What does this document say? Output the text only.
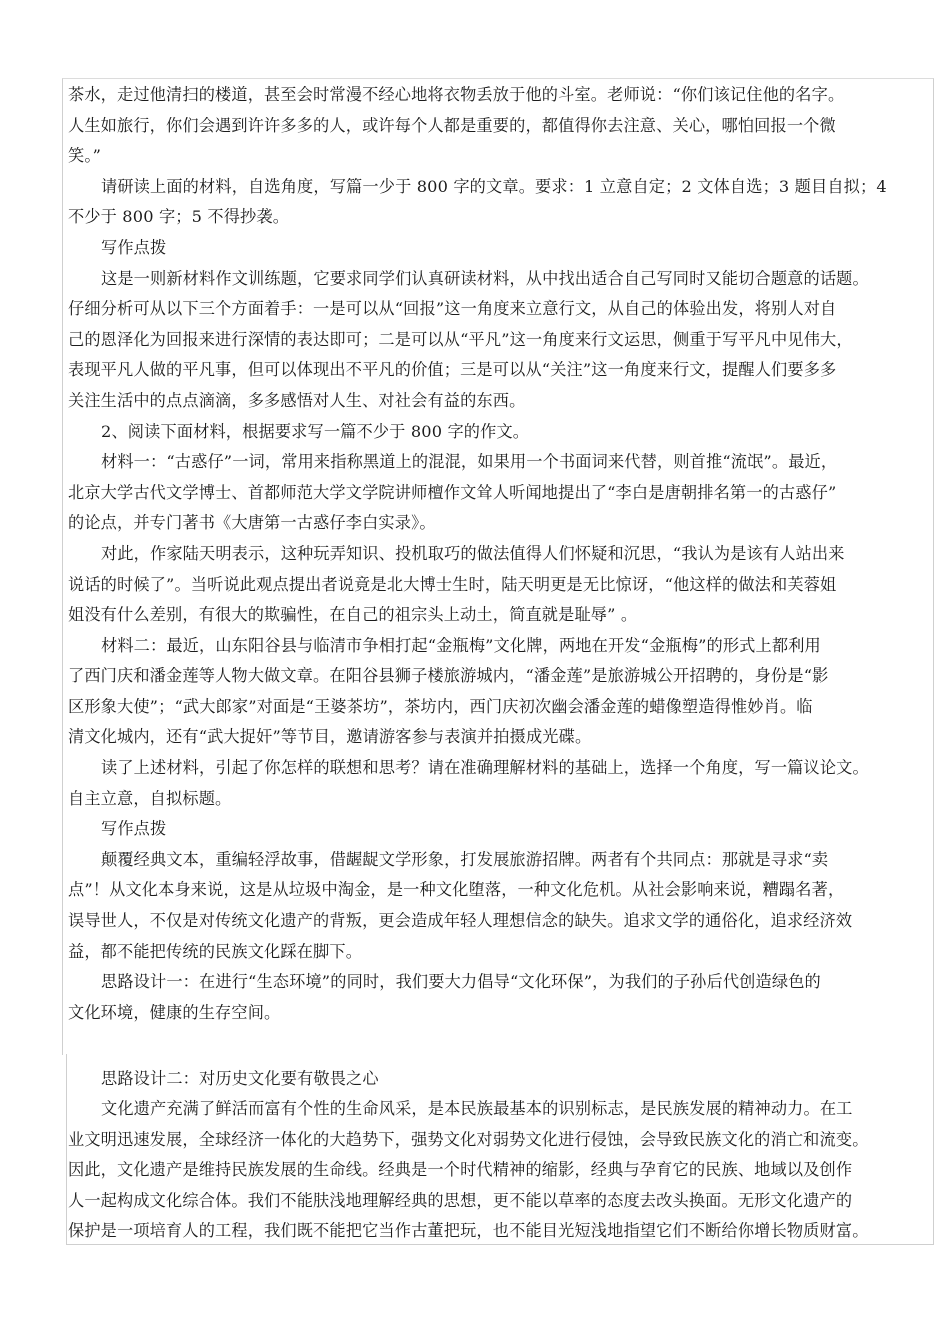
茶水，走过他清扫的楼道，甚至会时常漫不经心地将衣物丢放于他的斗室。老师说：“你们该记住他的名字。
人生如旅行，你们会遇到许许多多的人，或许每个人都是重要的，都值得你去注意、关心，哪怕回报一个微
笑。”
请研读上面的材料，自选角度，写篇一少于 800 字的文章。要求：1 立意自定；2 文体自选；3 题目自拟；4
不少于 800 字；5 不得抄袭。
写作点拨
这是一则新材料作文训练题，它要求同学们认真研读材料，从中找出适合自己写同时又能切合题意的话题。
仔细分析可从以下三个方面着手：一是可以从“回报”这一角度来立意行文，从自己的体验出发，将别人对自
己的恩泽化为回报来进行深情的表达即可；二是可以从“平凡”这一角度来行文运思，侧重于写平凡中见伟大，
表现平凡人做的平凡事，但可以体现出不平凡的价值；三是可以从“关注”这一角度来行文，提醒人们要多多
关注生活中的点点滴滴，多多感悟对人生、对社会有益的东西。
2、阅读下面材料，根据要求写一篇不少于 800 字的作文。
材料一：“古惑仔”一词，常用来指称黑道上的混混，如果用一个书面词来代替，则首推“流氓”。最近，
北京大学古代文学博士、首都师范大学文学院讲师檀作文耸人听闻地提出了“李白是唐朝排名第一的古惑仔”
的论点，并专门著书《大唐第一古惑仔李白实录》。
对此，作家陆天明表示，这种玩弄知识、投机取巧的做法值得人们怀疑和沉思，“我认为是该有人站出来
说话的时候了”。当听说此观点提出者说竟是北大博士生时，陆天明更是无比惊讶，“他这样的做法和芙蓉姐
姐没有什么差别，有很大的欺骗性，在自己的祖宗头上动土，简直就是耻辱” 。
材料二：最近，山东阳谷县与临清市争相打起“金瓶梅”文化牌，两地在开发“金瓶梅”的形式上都利用
了西门庆和潘金莲等人物大做文章。在阳谷县狮子楼旅游城内，“潘金莲”是旅游城公开招聘的，身份是“影
区形象大使”；“武大郎家”对面是“王婆茶坊”，茶坊内，西门庆初次幽会潘金莲的蜡像塑造得惟妙肖。临
清文化城内，还有“武大捉奸”等节目，邀请游客参与表演并拍摄成光碟。
读了上述材料，引起了你怎样的联想和思考？请在准确理解材料的基础上，选择一个角度，写一篇议论文。
自主立意，自拟标题。
写作点拨
颠覆经典文本，重编轻浮故事，借龌龊文学形象，打发展旅游招牌。两者有个共同点：那就是寻求“卖
点”！从文化本身来说，这是从垃圾中淘金，是一种文化堕落，一种文化危机。从社会影响来说，糟蹋名著，
误导世人，不仅是对传统文化遗产的背叛，更会造成年轻人理想信念的缺失。追求文学的通俗化，追求经济效
益，都不能把传统的民族文化踩在脚下。
思路设计一：在进行“生态环境”的同时，我们要大力倡导“文化环保”，为我们的子孙后代创造绿色的
文化环境，健康的生存空间。
思路设计二：对历史文化要有敬畏之心
文化遗产充满了鲜活而富有个性的生命风采，是本民族最基本的识别标志，是民族发展的精神动力。在工
业文明迅速发展，全球经济一体化的大趋势下，强势文化对弱势文化进行侵蚀，会导致民族文化的消亡和流变。
因此，文化遗产是维持民族发展的生命线。经典是一个时代精神的缩影，经典与孕育它的民族、地域以及创作
人一起构成文化综合体。我们不能肤浅地理解经典的思想，更不能以草率的态度去改头换面。无形文化遗产的
保护是一项培育人的工程，我们既不能把它当作古董把玩，也不能目光短浅地指望它们不断给你增长物质财富。
